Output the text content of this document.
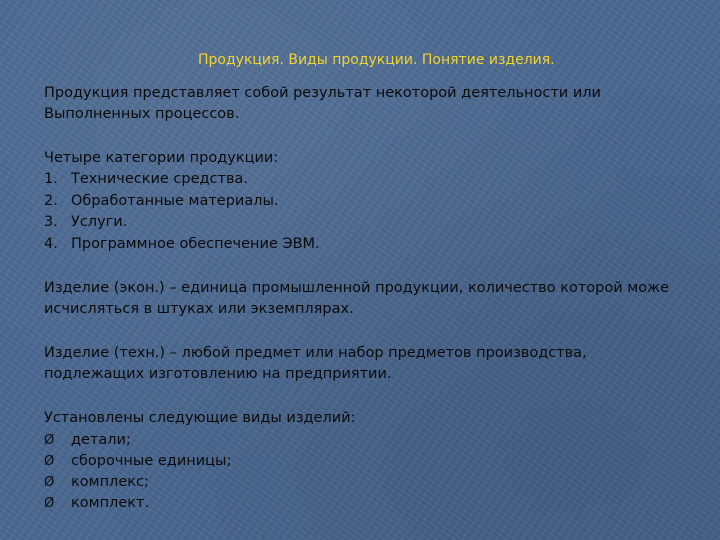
Продукция. Виды продукции. Понятие изделия.
Продукция представляет собой результат некоторой деятельности или
Выполненных процессов.
Четыре категории продукции:
1. Технические средства.
2. Обработанные материалы.
3. Услуги.
4. Программное обеспечение ЭВМ.
Изделие (экон.) – единица промышленной продукции, количество которой може
исчисляться в штуках или экземплярах.
Изделие (техн.) – любой предмет или набор предметов производства,
подлежащих изготовлению на предприятии.
Установлены следующие виды изделий:
Ø детали;
Ø сборочные единицы;
Ø комплекс;
Ø комплект.
